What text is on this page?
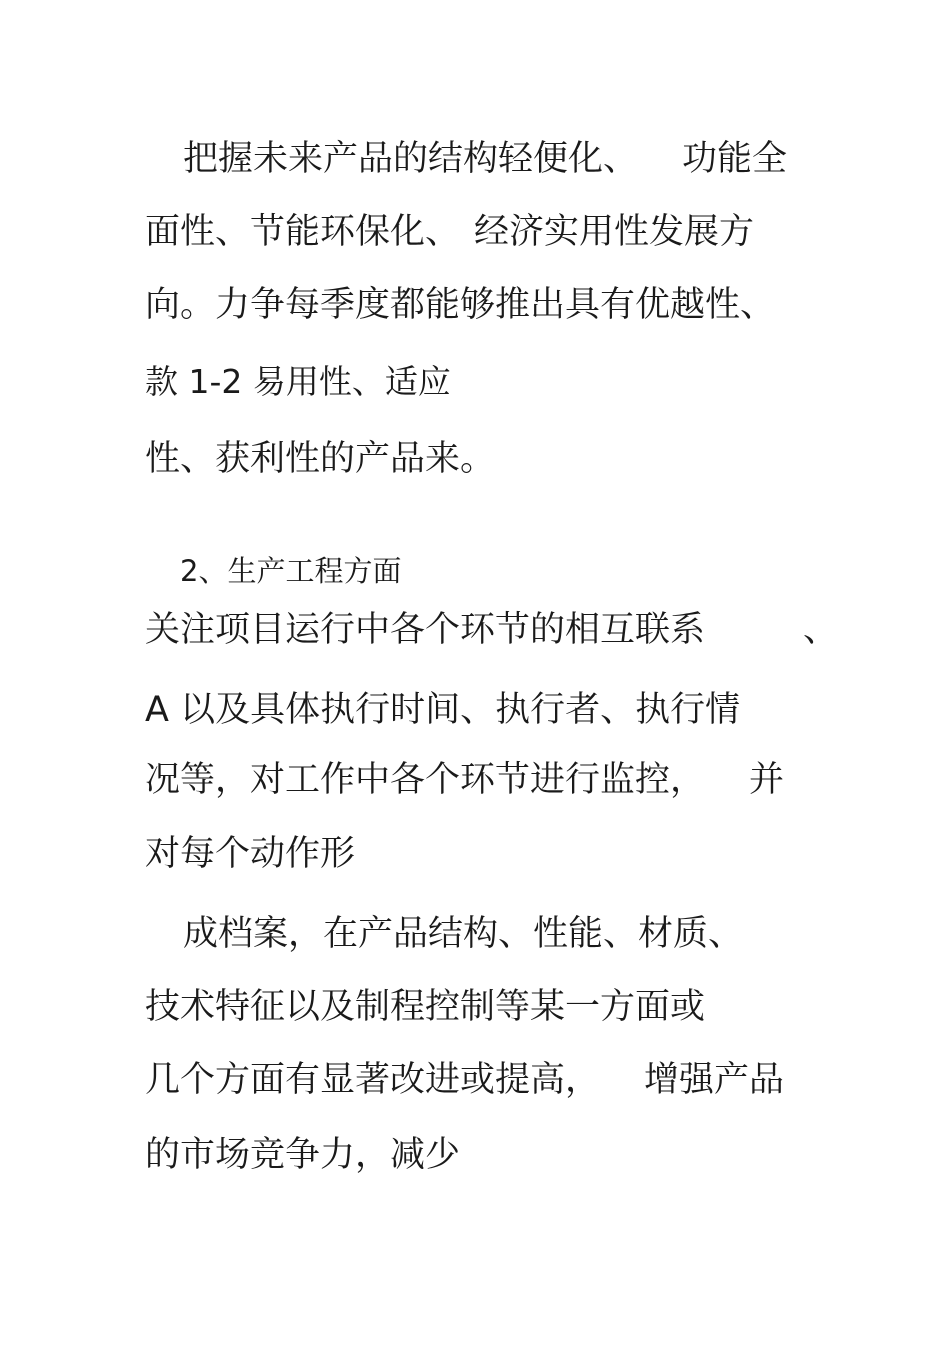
把握未来产品的结构轻便化、 功能全
面性、节能环保化、 经济实用性发展方
向。力争每季度都能够推出具有优越性、
款 1-2 易用性、适应
性、获利性的产品来。
2、生产工程方面
关注项目运行中各个环节的相互联系	、
A 以及具体执行时间、执行者、执行情
况等，对工作中各个环节进行监控， 并
对每个动作形
成档案，在产品结构、性能、材质、
技术特征以及制程控制等某一方面或
几个方面有显著改进或提高， 增强产品
的市场竞争力，减少
